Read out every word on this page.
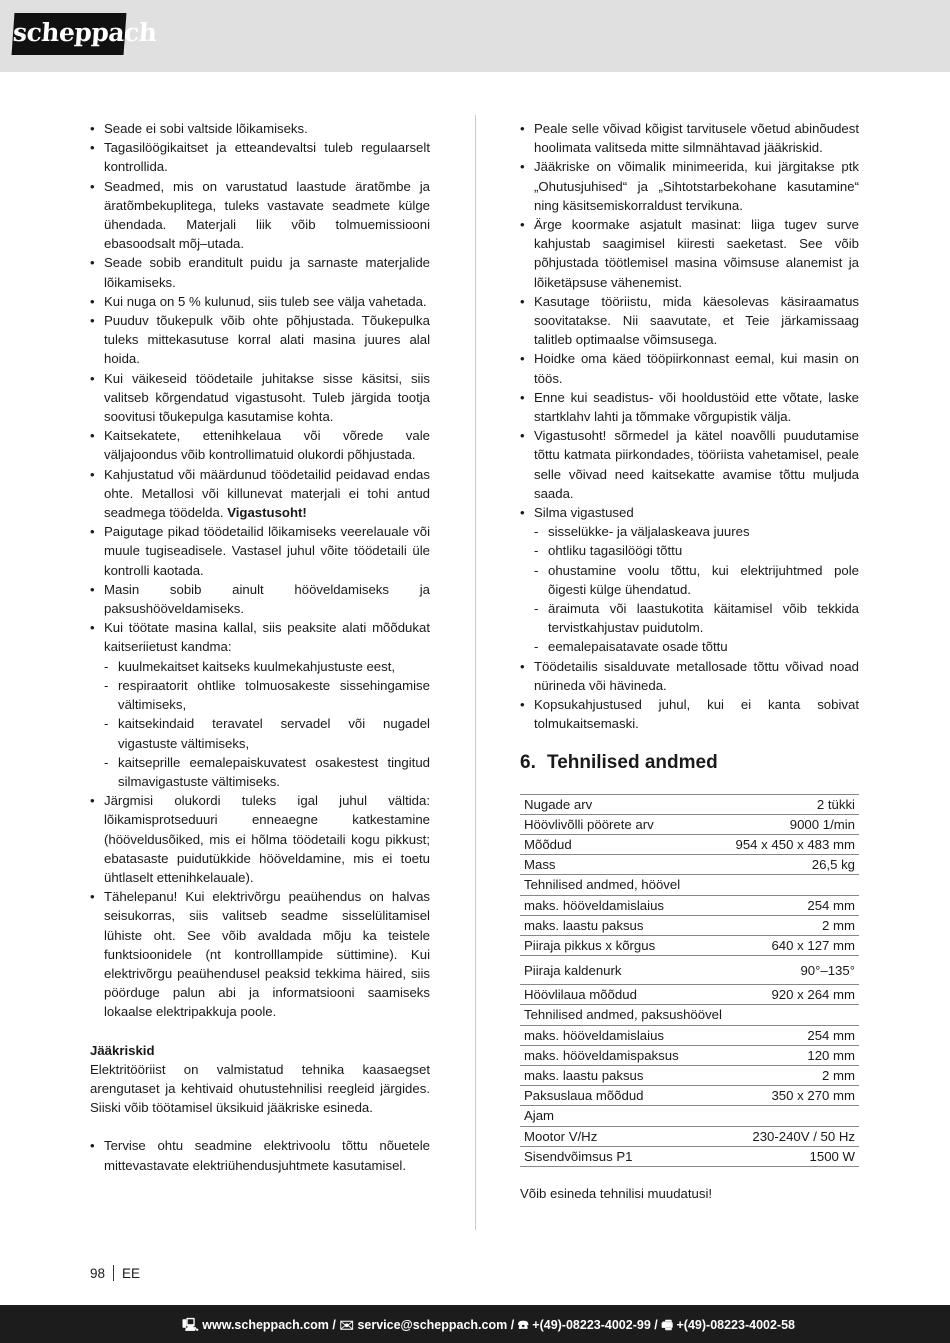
scheppach
• Seade ei sobi valtside lõikamiseks.
• Tagasilöögikaitset ja etteandevaltsi tuleb regulaarselt kontrollida.
• Seadmed, mis on varustatud laastude äratõmbe ja äratõmbekuplitega, tuleks vastavate seadmete külge ühendada. Materjali liik võib tolmuemissiooni ebasoodsalt mõj–utada.
• Seade sobib eranditult puidu ja sarnaste materjalide lõikamiseks.
• Kui nuga on 5 % kulunud, siis tuleb see välja vahetada.
• Puuduv tõukepulk võib ohte põhjustada. Tõukepulka tuleks mittekasutuse korral alati masina juures alal hoida.
• Kui väikeseid töödetaile juhitakse sisse käsitsi, siis valitseb kõrgendatud vigastusoht. Tuleb järgida tootja soovitusi tõukepulga kasutamise kohta.
• Kaitsekatete, ettenihkelaua või võrede vale väljajoondus võib kontrollimatuid olukordi põhjustada.
• Kahjustatud või määrdunud töödetailid peidavad endas ohte. Metallosi või killunevat materjali ei tohi antud seadmega töödelda. Vigastusoht!
• Paigutage pikad töödetailid lõikamiseks veerelauale või muule tugiseadisele. Vastasel juhul võite töödetaili üle kontrolli kaotada.
• Masin sobib ainult hööveldamiseks ja paksushööveldamiseks.
• Kui töötate masina kallal, siis peaksite alati mõõdukat kaitseriietust kandma:
- kuulmekaitset kaitseks kuulmekahjustuste eest,
- respiraatorit ohtlike tolmuosakeste sissehingamise vältimiseks,
- kaitsekindaid teravatel servadel või nugadel vigastuste vältimiseks,
- kaitseprille eemalepaiskuvatest osakestest tingitud silmavigastuste vältimiseks.
• Järgmisi olukordi tuleks igal juhul vältida: lõikamisprotseduuri enneaegne katkestamine (hööveldusõiked, mis ei hõlma töödetaili kogu pikkust; ebatasaste puidutükkide hööveldamine, mis ei toetu ühtlaselt ettenihkelauale).
• Tähelepanu! Kui elektrivõrgu peaühendus on halvas seisukorras, siis valitseb seadme sisselülitamisel lühiste oht. See võib avaldada mõju ka teistele funktsioonidele (nt kontrolllampide süttimine). Kui elektrivõrgu peaühendusel peaksid tekkima häired, siis pöörduge palun abi ja informatsiooni saamiseks lokaalse elektripakkuja poole.
Jääkriskid

Elektritööriist on valmistatud tehnika kaasaegset arengutaset ja kehtivaid ohutustehnilisi reegleid järgides. Siiski võib töötamisel üksikuid jääkriske esineda.

• Tervise ohtu seadmine elektrivoolu tõttu nõuetele mittevastavate elektriühendusjuhtmete kasutamisel.
• Peale selle võivad kõigist tarvitusele võetud abinõudest hoolimata valitseda mitte silmnähtavad jääkriskid.
• Jääkriske on võimalik minimeerida, kui järgitakse ptk „Ohutusjuhised“ ja „Sihtotstarbekohane kasutamine“ ning käsitsemiskorraldust tervikuna.
• Ärge koormake asjatult masinat: liiga tugev surve kahjustab saagimisel kiiresti saeketast. See võib põhjustada töötlemisel masina võimsuse alanemist ja lõiketäpsuse vähenemist.
• Kasutage tööriistu, mida käesolevas käsiraamatus soovitatakse. Nii saavutate, et Teie järkamissaag talitleb optimaalse võimsusega.
• Hoidke oma käed tööpiirkonnast eemal, kui masin on töös.
• Enne kui seadistus- või hooldustöid ette võtate, laske startklahv lahti ja tõmmake võrgupistik välja.
• Vigastusoht! sõrmedel ja kätel noavõlli puudutamise tõttu katmata piirkondades, tööriista vahetamisel, peale selle võivad need kaitsekatte avamise tõttu muljuda saada.
• Silma vigastused
- sisselükke- ja väljalaskeava juures
- ohtliku tagasilöögi tõttu
- ohustamine voolu tõttu, kui elektrijuhtmed pole õigesti külge ühendatud.
- äraimuta või laastukotita käitamisel võib tekkida tervistkahjustav puidutolm.
- eemalepaisatavate osade tõttu
• Töödetailis sisalduvate metallosade tõttu võivad noad nürineda või hävineda.
• Kopsukahjustused juhul, kui ei kanta sobivat tolmukaitsemaski.
6. Tehnilised andmed
Nugade arv	2 tükki
Höövlivõlli pöörete arv	9000 1/min
Mõõdud	954 x 450 x 483 mm
Mass	26,5 kg
Tehnilised andmed, höövel	
maks. hööveldamislaius	254 mm
maks. laastu paksus	2 mm
Piiraja pikkus x kõrgus	640 x 127 mm
Piiraja kaldenurk	90°–135°
Höövlilaua mõõdud	920 x 264 mm
Tehnilised andmed, paksushöövel	
maks. hööveldamislaius	254 mm
maks. hööveldamispaksus	120 mm
maks. laastu paksus	2 mm
Paksuslaua mõõdud	350 x 270 mm
Ajam	
Mootor V/Hz	230-240V / 50 Hz
Sisendvõimsus P1	1500 W

Võib esineda tehnilisi muudatusi!

98 EE
🖳 www.scheppach.com / ✉ service@scheppach.com / ☎ +(49)-08223-4002-99 / 🖷 +(49)-08223-4002-58
